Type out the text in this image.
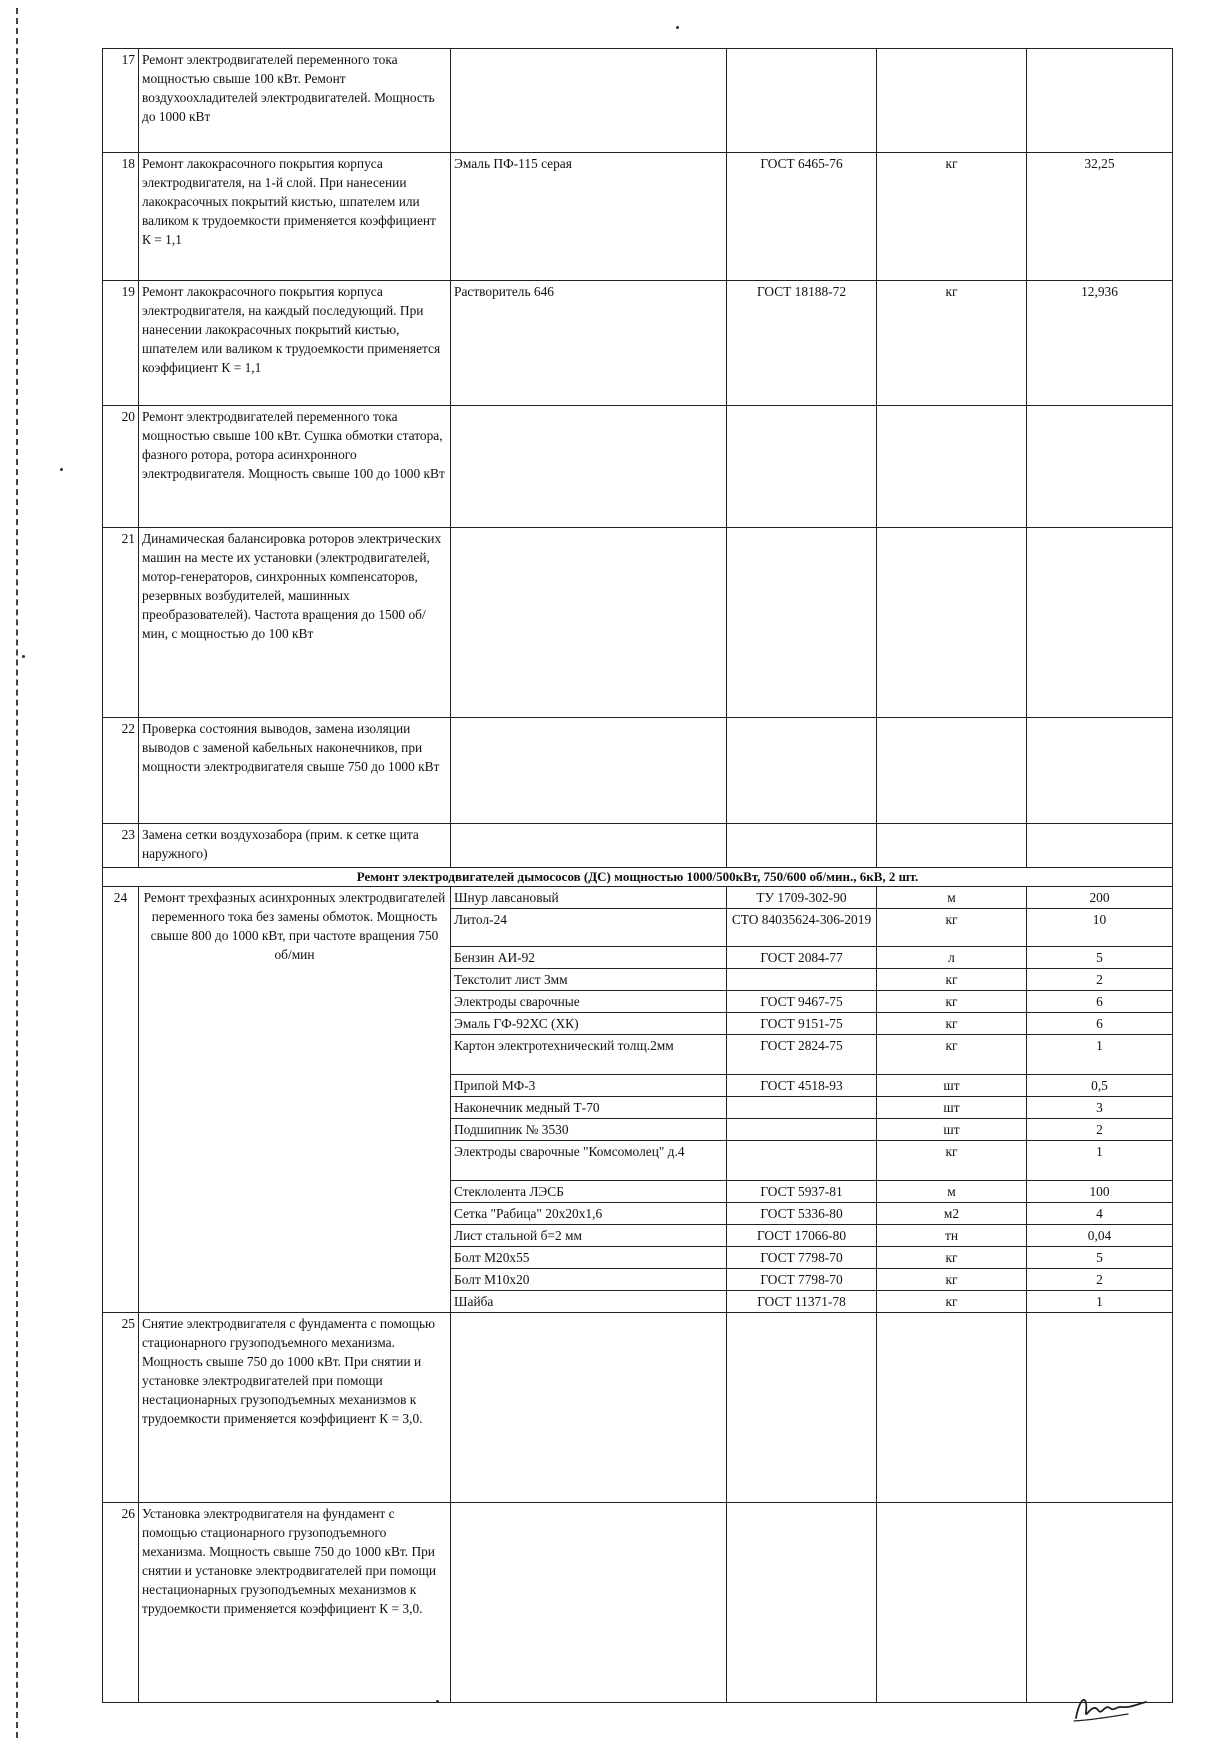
17	Ремонт электродвигателей переменного тока мощностью свыше 100 кВт. Ремонт воздухоохладителей электродвигателей. Мощность до 1000 кВт				
18	Ремонт лакокрасочного покрытия корпуса электродвигателя, на 1-й слой. При нанесении лакокрасочных покрытий кистью, шпателем или валиком к трудоемкости применяется коэффициент К = 1,1	Эмаль ПФ-115 серая	ГОСТ 6465-76	кг	32,25
19	Ремонт лакокрасочного покрытия корпуса электродвигателя, на каждый последующий. При нанесении лакокрасочных покрытий кистью, шпателем или валиком к трудоемкости применяется коэффициент К = 1,1	Растворитель 646	ГОСТ 18188-72	кг	12,936
20	Ремонт электродвигателей переменного тока мощностью свыше 100 кВт. Сушка обмотки статора, фазного ротора, ротора асинхронного электродвигателя. Мощность свыше 100 до 1000 кВт				
21	Динамическая балансировка роторов электрических машин на месте их установки (электродвигателей, мотор-генераторов, синхронных компенсаторов, резервных возбудителей, машинных преобразователей). Частота вращения до 1500 об/мин, с мощностью до 100 кВт				
22	Проверка состояния выводов, замена изоляции выводов с заменой кабельных наконечников, при мощности электродвигателя свыше 750 до 1000 кВт				
23	Замена сетки воздухозабора (прим. к сетке щита наружного)				
Ремонт электродвигателей дымососов (ДС) мощностью 1000/500кВт, 750/600 об/мин., 6кВ, 2 шт.					
24	Ремонт трехфазных асинхронных электродвигателей переменного тока без замены обмоток. Мощность свыше 800 до 1000 кВт, при частоте вращения 750 об/мин	Шнур лавсановый	ТУ 1709-302-90	м	200
		Литол-24	СТО 84035624-306-2019	кг	10
		Бензин АИ-92	ГОСТ 2084-77	л	5
		Текстолит лист 3мм		кг	2
		Электроды сварочные	ГОСТ 9467-75	кг	6
		Эмаль ГФ-92ХС (ХК)	ГОСТ 9151-75	кг	6
		Картон электротехнический толщ.2мм	ГОСТ 2824-75	кг	1
		Припой МФ-3	ГОСТ 4518-93	шт	0,5
		Наконечник медный Т-70		шт	3
		Подшипник № 3530		шт	2
		Электроды сварочные "Комсомолец" д.4		кг	1
		Стеклолента ЛЭСБ	ГОСТ 5937-81	м	100
		Сетка "Рабица" 20х20х1,6	ГОСТ 5336-80	м2	4
		Лист стальной б=2 мм	ГОСТ 17066-80	тн	0,04
		Болт М20х55	ГОСТ 7798-70	кг	5
		Болт М10х20	ГОСТ 7798-70	кг	2
		Шайба	ГОСТ 11371-78	кг	1
25	Снятие электродвигателя с фундамента с помощью стационарного грузоподъемного механизма. Мощность свыше 750 до 1000 кВт. При снятии и установке электродвигателей при помощи нестационарных грузоподъемных механизмов к трудоемкости применяется коэффициент К = 3,0.				
26	Установка электродвигателя на фундамент с помощью стационарного грузоподъемного механизма. Мощность свыше 750 до 1000 кВт. При снятии и установке электродвигателей при помощи нестационарных грузоподъемных механизмов к трудоемкости применяется коэффициент К = 3,0.				
